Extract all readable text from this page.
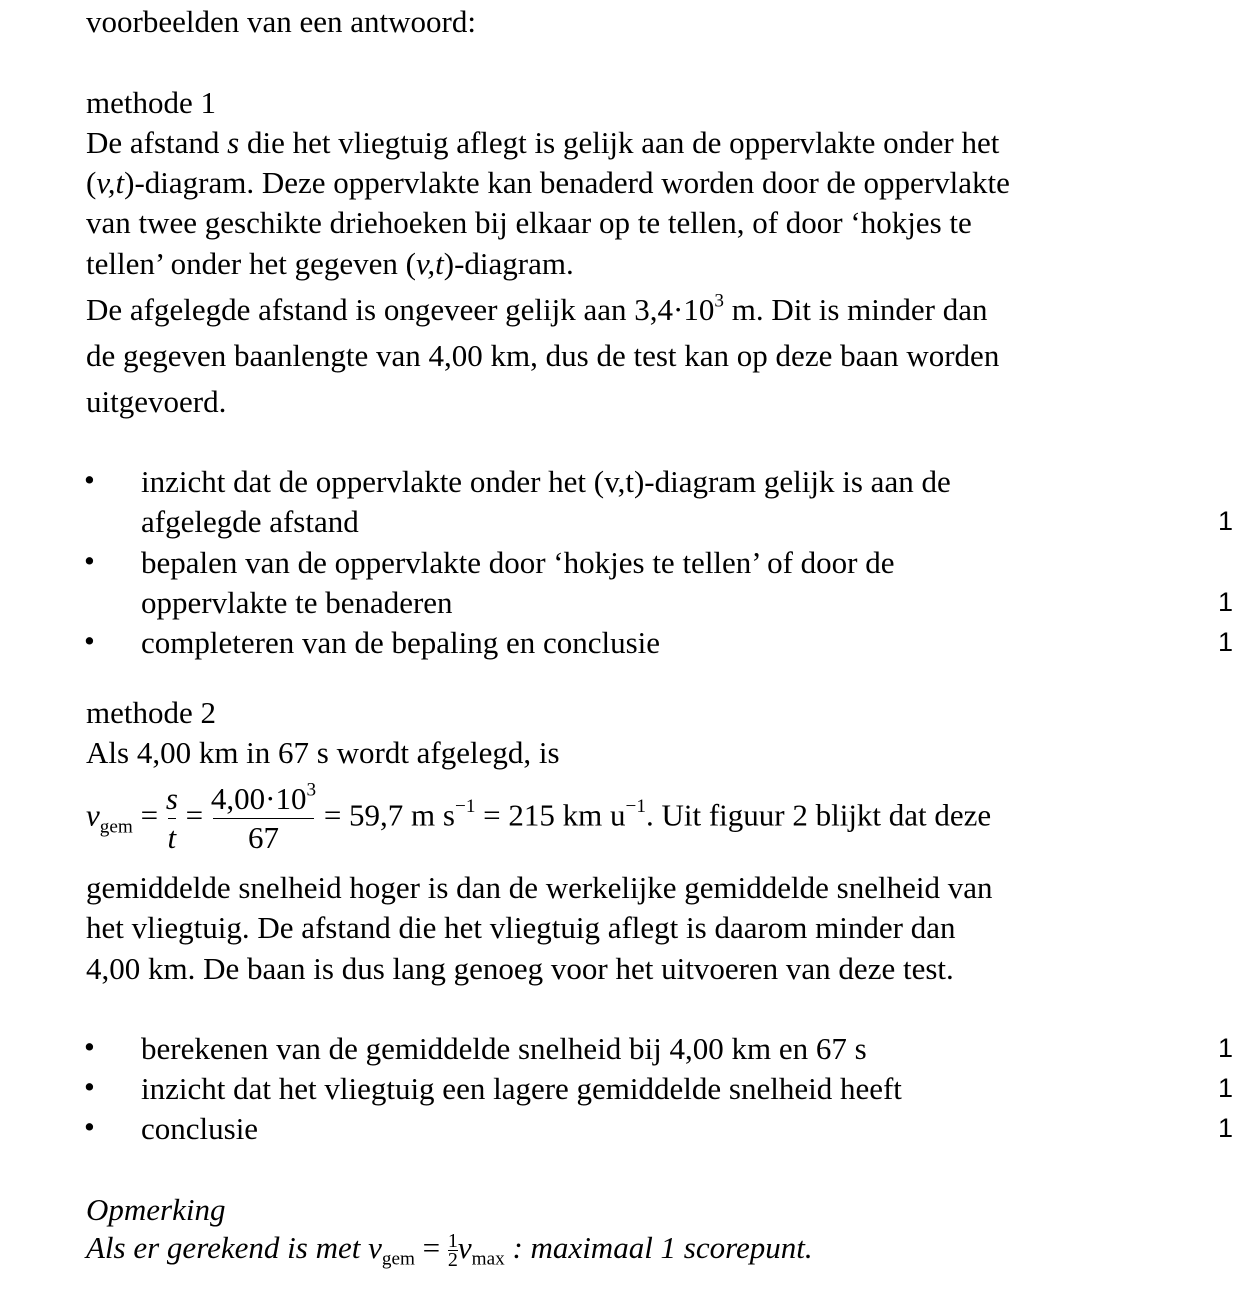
voorbeelden van een antwoord:
methode 1
De afstand s die het vliegtuig aflegt is gelijk aan de oppervlakte onder het
(v,t)-diagram. Deze oppervlakte kan benaderd worden door de oppervlakte
van twee geschikte driehoeken bij elkaar op te tellen, of door ‘hokjes te
tellen’ onder het gegeven (v,t)-diagram.
De afgelegde afstand is ongeveer gelijk aan $3,4\cdot 10^3$ m. Dit is minder dan
de gegeven baanlengte van 4,00 km, dus de test kan op deze baan worden
uitgevoerd.
• inzicht dat de oppervlakte onder het (v,t)-diagram gelijk is aan de
afgelegde afstand	1
• bepalen van de oppervlakte door ‘hokjes te tellen’ of door de
oppervlakte te benaderen	1
• completeren van de bepaling en conclusie	1
methode 2
Als 4,00 km in 67 s wordt afgelegd, is
$v_{gem} = \frac{s}{t} = \frac{4,00\cdot 10^3}{67} = 59,7$ m $s^{-1} = 215$ km $u^{-1}$. Uit figuur 2 blijkt dat deze
gemiddelde snelheid hoger is dan de werkelijke gemiddelde snelheid van
het vliegtuig. De afstand die het vliegtuig aflegt is daarom minder dan
4,00 km. De baan is dus lang genoeg voor het uitvoeren van deze test.
• berekenen van de gemiddelde snelheid bij 4,00 km en 67 s	1
• inzicht dat het vliegtuig een lagere gemiddelde snelheid heeft	1
• conclusie	1
Opmerking
Als er gerekend is met $v_{gem} = \frac{1}{2} v_{max}$ : maximaal 1 scorepunt.
